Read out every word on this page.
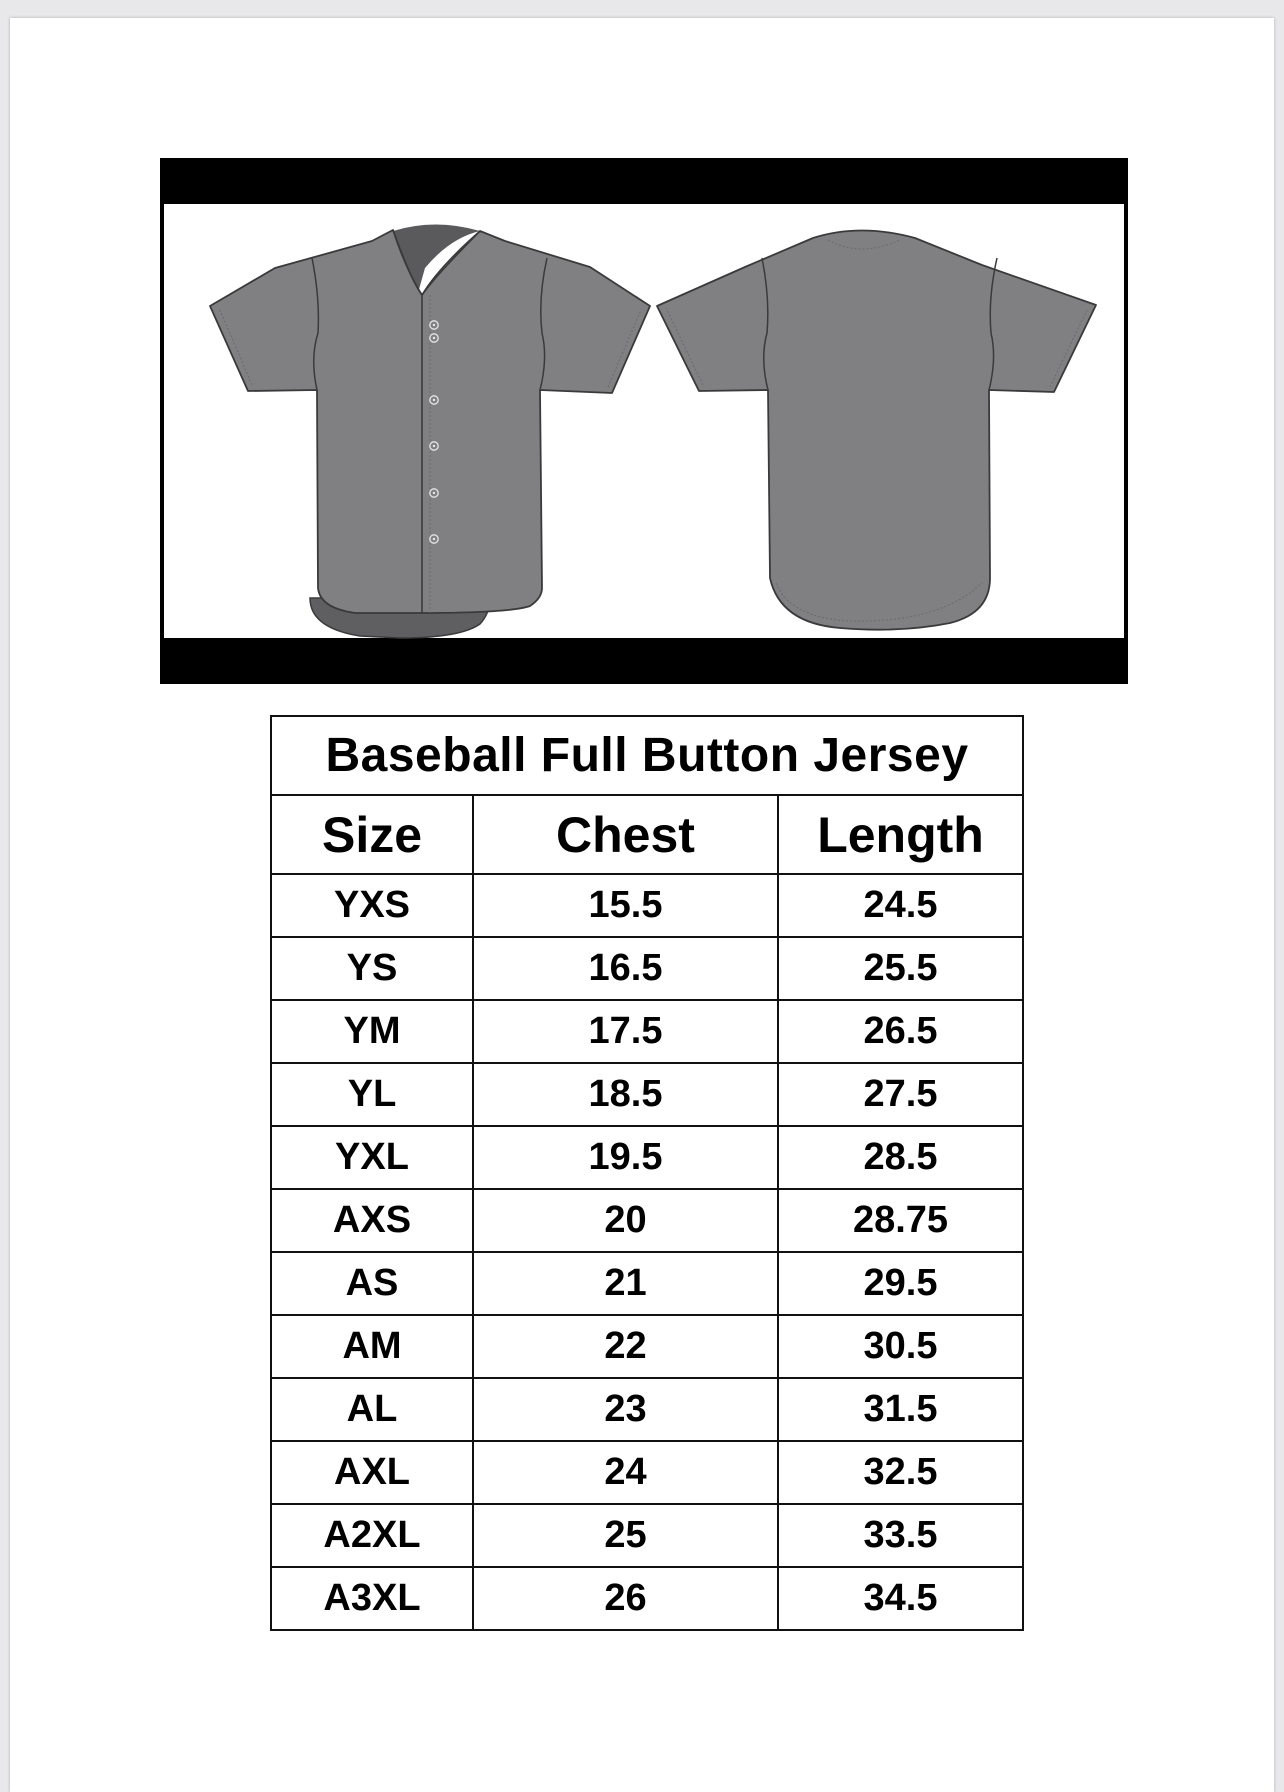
Baseball Full Button Jersey		
Size	Chest	Length
YXS	15.5	24.5
YS	16.5	25.5
YM	17.5	26.5
YL	18.5	27.5
YXL	19.5	28.5
AXS	20	28.75
AS	21	29.5
AM	22	30.5
AL	23	31.5
AXL	24	32.5
A2XL	25	33.5
A3XL	26	34.5
